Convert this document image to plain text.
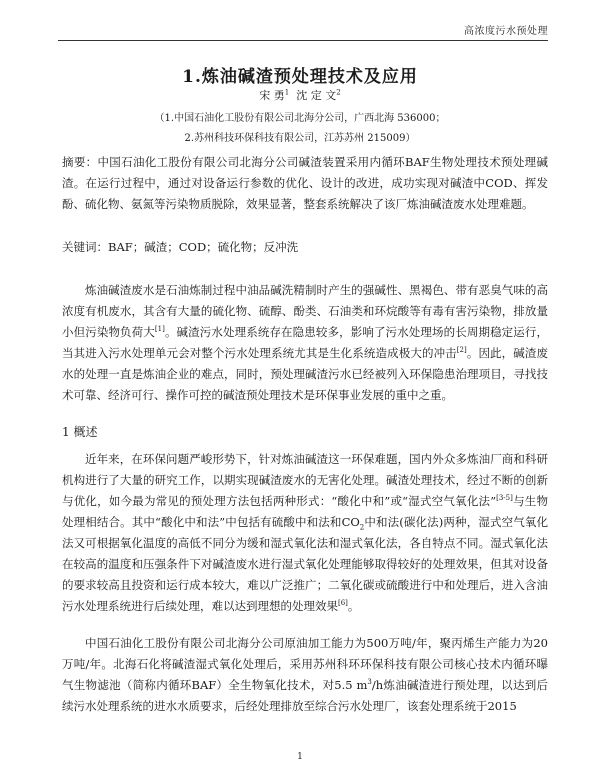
高浓度污水预处理
1.炼油碱渣预处理技术及应用
宋 勇$^1$ 沈 定 文$^2$
（1.中国石油化工股份有限公司北海分公司，广西北海 536000；
2.苏州科技环保科技有限公司，江苏苏州 215009）
摘要：中国石油化工股份有限公司北海分公司碱渣装置采用内循环BAF生物处理技术预处理碱渣。在运行过程中，通过对设备运行参数的优化、设计的改进，成功实现对碱渣中COD、挥发酚、硫化物、氨氮等污染物质脱除，效果显著，整套系统解决了该厂炼油碱渣废水处理难题。
关键词：BAF；碱渣；COD；硫化物；反冲洗

炼油碱渣废水是石油炼制过程中油品碱洗精制时产生的强碱性、黑褐色、带有恶臭气味的高浓度有机废水，其含有大量的硫化物、硫醇、酚类、石油类和环烷酸等有毒有害污染物，排放量小但污染物负荷大[1]。碱渣污水处理系统存在隐患较多，影响了污水处理场的长周期稳定运行，当其进入污水处理单元会对整个污水处理系统尤其是生化系统造成极大的冲击[2]。因此，碱渣废水的处理一直是炼油企业的难点，同时，预处理碱渣污水已经被列入环保隐患治理项目，寻找技术可靠、经济可行、操作可控的碱渣预处理技术是环保事业发展的重中之重。

1 概述

近年来，在环保问题严峻形势下，针对炼油碱渣这一环保难题，国内外众多炼油厂商和科研机构进行了大量的研究工作，以期实现碱渣废水的无害化处理。碱渣处理技术，经过不断的创新与优化，如今最为常见的预处理方法包括两种形式：“酸化中和”或“湿式空气氧化法”[3-5]与生物处理相结合。其中“酸化中和法”中包括有硫酸中和法和$CO_2$中和法(碳化法)两种，湿式空气氧化法又可根据氧化温度的高低不同分为缓和湿式氧化法和湿式氧化法，各自特点不同。湿式氧化法在较高的温度和压强条件下对碱渣废水进行湿式氧化处理能够取得较好的处理效果，但其对设备的要求较高且投资和运行成本较大，难以广泛推广；二氧化碳或硫酸进行中和处理后，进入含油污水处理系统进行后续处理，难以达到理想的处理效果[6]。

中国石油化工股份有限公司北海分公司原油加工能力为500万吨/年，聚丙烯生产能力为20万吨/年。北海石化将碱渣湿式氧化处理后，采用苏州科环环保科技有限公司核心技术内循环曝气生物滤池（简称内循环BAF）全生物氧化技术，对5.5 $m^3/h$炼油碱渣进行预处理，以达到后续污水处理系统的进水水质要求，后经处理排放至综合污水处理厂，该套处理系统于2015

1
